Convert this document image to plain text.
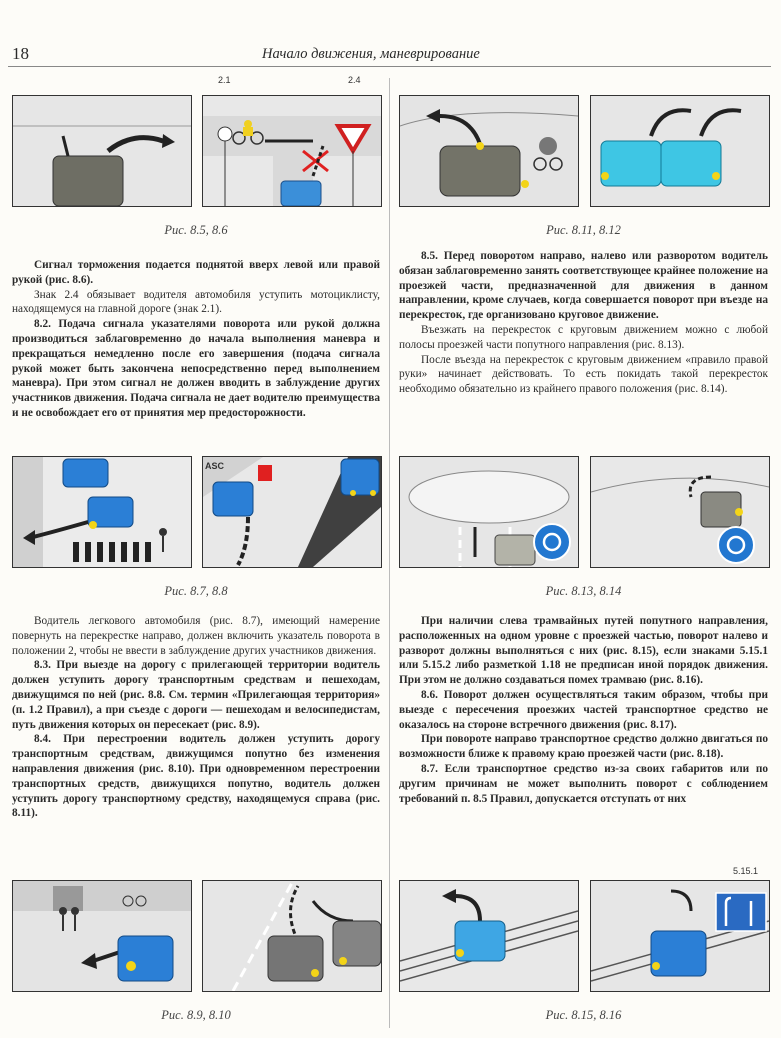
18	Начало движения, маневрирование
2.1	2.4
Рис. 8.5, 8.6	Рис. 8.11, 8.12

Сигнал торможения подается поднятой вверх левой или правой рукой (рис. 8.6).

Знак 2.4 обязывает водителя автомобиля уступить мотоциклисту, находящемуся на главной дороге (знак 2.1).

8.2. Подача сигнала указателями поворота или рукой должна производиться заблаговременно до начала выполнения маневра и прекращаться немедленно после его завершения (подача сигнала рукой может быть закончена непосредственно перед выполнением маневра). При этом сигнал не должен вводить в заблуждение других участников движения. Подача сигнала не дает водителю преимущества и не освобождает его от принятия мер предосторожности.

8.5. Перед поворотом направо, налево или разворотом водитель обязан заблаговременно занять соответствующее крайнее положение на проезжей части, предназначенной для движения в данном направлении, кроме случаев, когда совершается поворот при въезде на перекресток, где организовано круговое движение.

Въезжать на перекресток с круговым движением можно с любой полосы проезжей части попутного направления (рис. 8.13).

После въезда на перекресток с круговым движением «правило правой руки» начинает действовать. То есть покидать такой перекресток необходимо обязательно из крайнего правого положения (рис. 8.14).

ASC
Рис. 8.7, 8.8	Рис. 8.13, 8.14

Водитель легкового автомобиля (рис. 8.7), имеющий намерение повернуть на перекрестке направо, должен включить указатель поворота в положении 2, чтобы не ввести в заблуждение других участников движения.

8.3. При выезде на дорогу с прилегающей территории водитель должен уступить дорогу транспортным средствам и пешеходам, движущимся по ней (рис. 8.8. См. термин «Прилегающая территория» (п. 1.2 Правил), а при съезде с дороги — пешеходам и велосипедистам, путь движения которых он пересекает (рис. 8.9).

8.4. При перестроении водитель должен уступить дорогу транспортным средствам, движущимся попутно без изменения направления движения (рис. 8.10). При одновременном перестроении транспортных средств, движущихся попутно, водитель должен уступить дорогу транспортному средству, находящемуся справа (рис. 8.11).

При наличии слева трамвайных путей попутного направления, расположенных на одном уровне с проезжей частью, поворот налево и разворот должны выполняться с них (рис. 8.15), если знаками 5.15.1 или 5.15.2 либо разметкой 1.18 не предписан иной порядок движения. При этом не должно создаваться помех трамваю (рис. 8.16).

8.6. Поворот должен осуществляться таким образом, чтобы при выезде с пересечения проезжих частей транспортное средство не оказалось на стороне встречного движения (рис. 8.17).

При повороте направо транспортное средство должно двигаться по возможности ближе к правому краю проезжей части (рис. 8.18).

8.7. Если транспортное средство из-за своих габаритов или по другим причинам не может выполнить поворот с соблюдением требований п. 8.5 Правил, допускается отступать от них

5.15.1
Рис. 8.9, 8.10	Рис. 8.15, 8.16
